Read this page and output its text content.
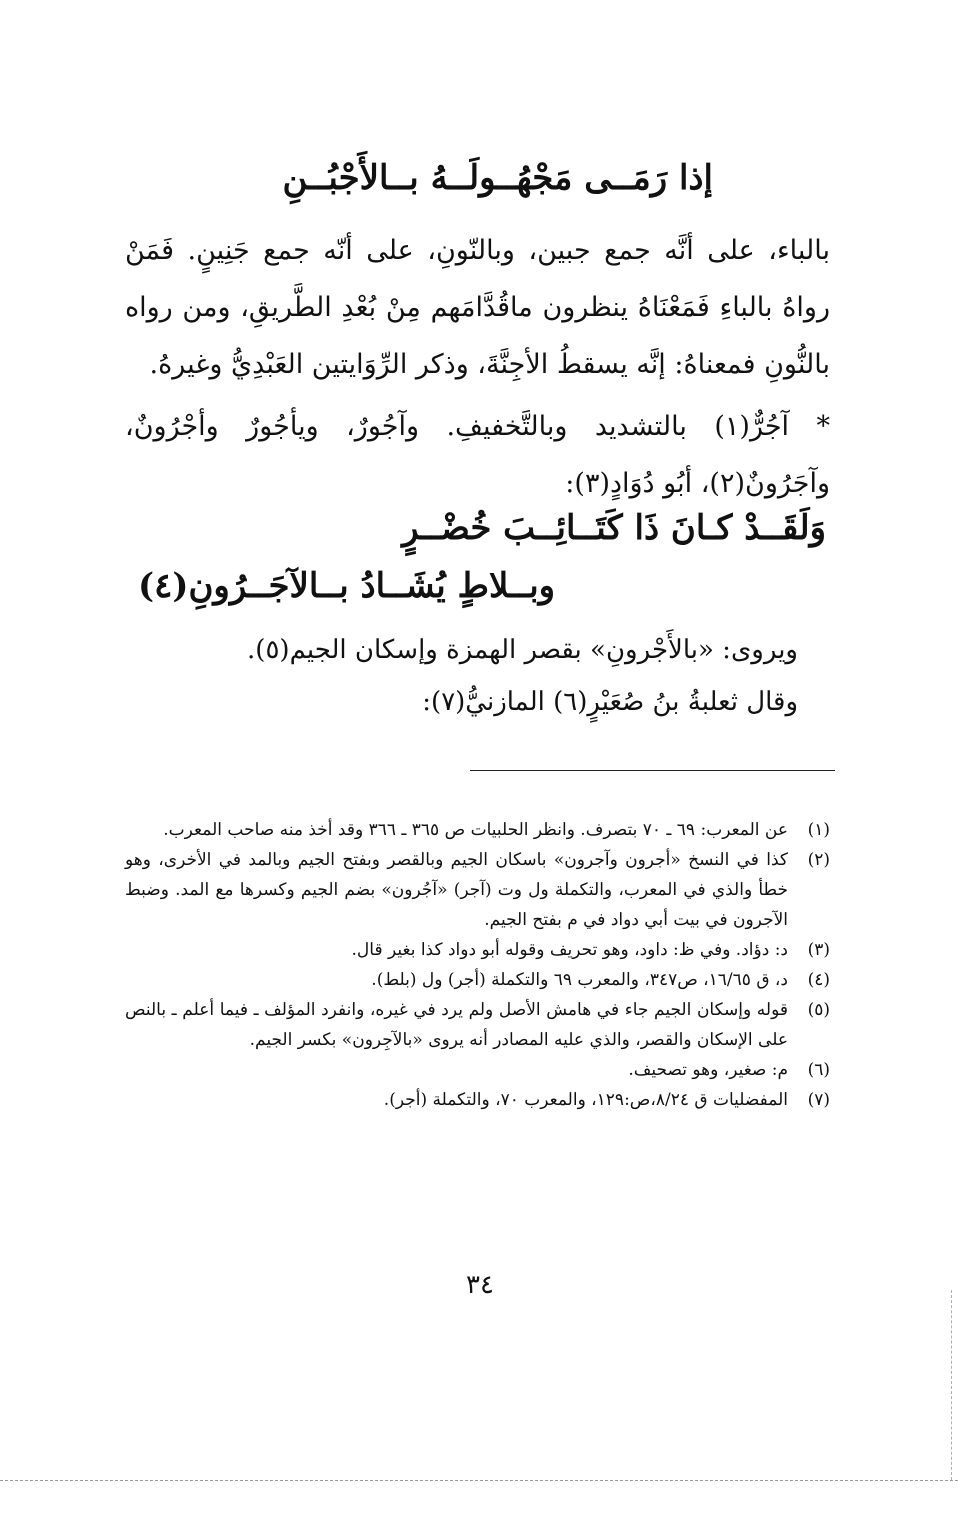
إذا رَمَــى مَجْهُــولَــهُ بــالأَجْبُــنِ
بالباء، على أنَّه جمع جبين، وبالنّونِ، على أنّه جمع جَنِينٍ. فَمَنْ رواهُ بالباءِ فَمَعْنَاهُ ينظرون ماقُدَّامَهم مِنْ بُعْدِ الطَّريقِ، ومن رواه بالنُّونِ فمعناهُ: إنَّه يسقطُ الأجِنَّةَ، وذكر الرِّوَايتين العَبْدِيُّ وغيرهُ.
* آجُرٌّ(١) بالتشديد وبالتَّخفيفِ. وآجُورٌ، ويأجُورٌ وأجْرُونٌ، وآجَرُونٌ(٢)، أبُو دُوَادٍ(٣):
وَلَقَــدْ كـانَ ذَا كَتَــائِــبَ خُضْــرٍ
وبــلاطٍ يُشَــادُ بــالآجَــرُونِ(٤)
ويروى: «بالأَجْرونِ» بقصر الهمزة وإسكان الجيم(٥).
وقال ثعلبةُ بنُ صُعَيْرٍ(٦) المازنيُّ(٧):
(١)
عن المعرب: ٦٩ ـ ٧٠ بتصرف. وانظر الحلبيات ص ٣٦٥ ـ ٣٦٦ وقد أخذ منه صاحب المعرب.
(٢)
كذا في النسخ «أجرون وآجرون» باسكان الجيم وبالقصر وبفتح الجيم وبالمد في الأخرى، وهو خطأ والذي في المعرب، والتكملة ول وت (آجر) «آجُرون» بضم الجيم وكسرها مع المد. وضبط الآجرون في بيت أبي دواد في م بفتح الجيم.
(٣)
د: دؤاد. وفي ظ: داود، وهو تحريف وقوله أبو دواد كذا بغير قال.
(٤)
د، ق ١٦/٦٥، ص٣٤٧، والمعرب ٦٩ والتكملة (أجر) ول (بلط).
(٥)
قوله وإسكان الجيم جاء في هامش الأصل ولم يرد في غيره، وانفرد المؤلف ـ فيما أعلم ـ بالنص على الإسكان والقصر، والذي عليه المصادر أنه يروى «بالآجِرون» بكسر الجيم.
(٦)
م: صغير، وهو تصحيف.
(٧)
المفضليات ق ٨/٢٤،ص:١٢٩، والمعرب ٧٠، والتكملة (أجر).
٣٤
